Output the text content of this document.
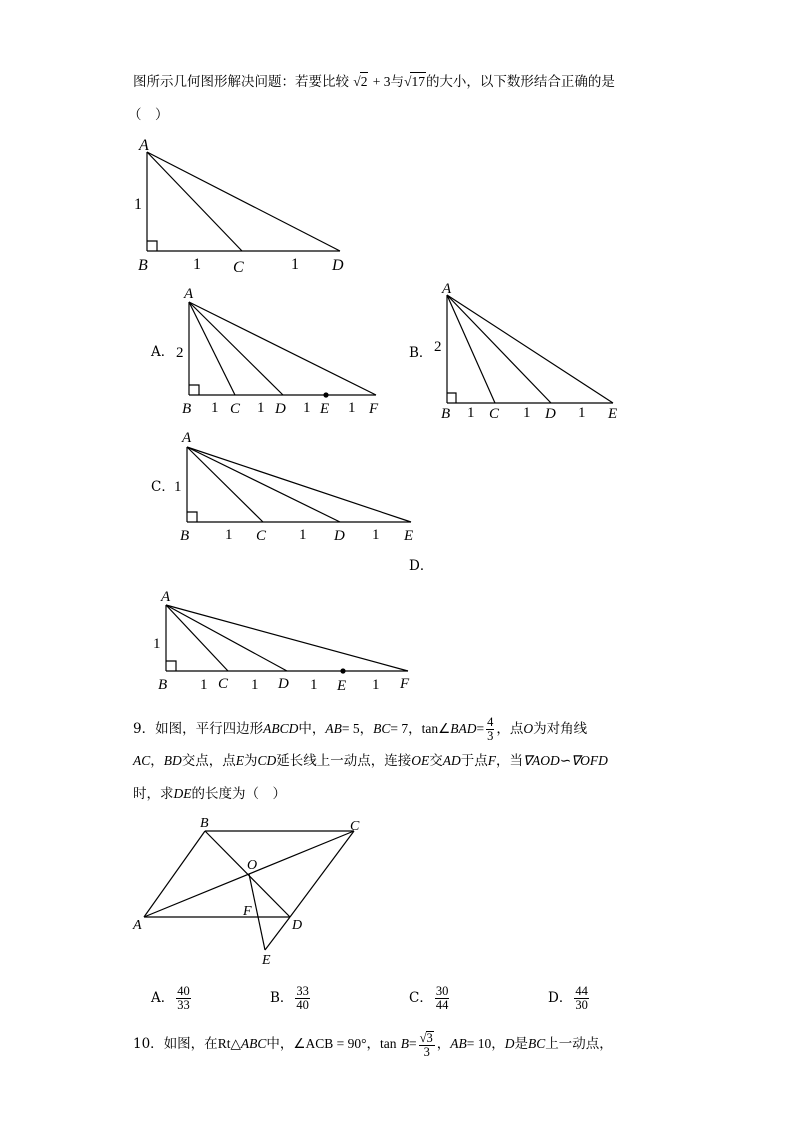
图所示几何图形解决问题：若要比较 √2 + 3与√17的大小，以下数形结合正确的是
（　）
A
B	C	D
1
1	1
A．
A
B	C D E	F
2
1	1	1	1
B．
A
B	C	D	E
2
1	1	1
C．
A
B	C	D	E
1
1	1	1
D．
A
B	C	D	E	F
1
1	1	1	1
9．如图，平行四边形ABCD中，AB= 5，BC= 7，tan∠BAD= $\frac{4}{3}$ ，点O为对角线
AC，BD交点，点E为CD延长线上一动点，连接OE交AD于点F，当∇AOD∽∇OFD
时，求DE的长度为（　）
A
B	C
D
O
F
E
A． $\frac{40}{33}$	B． $\frac{33}{40}$	C． $\frac{30}{44}$	D． $\frac{44}{30}$
10．如图，在Rt△ABC中，∠ACB = 90°，$\tan B= \frac{√3}{3}$ ，AB= 10，D是BC上一动点，
